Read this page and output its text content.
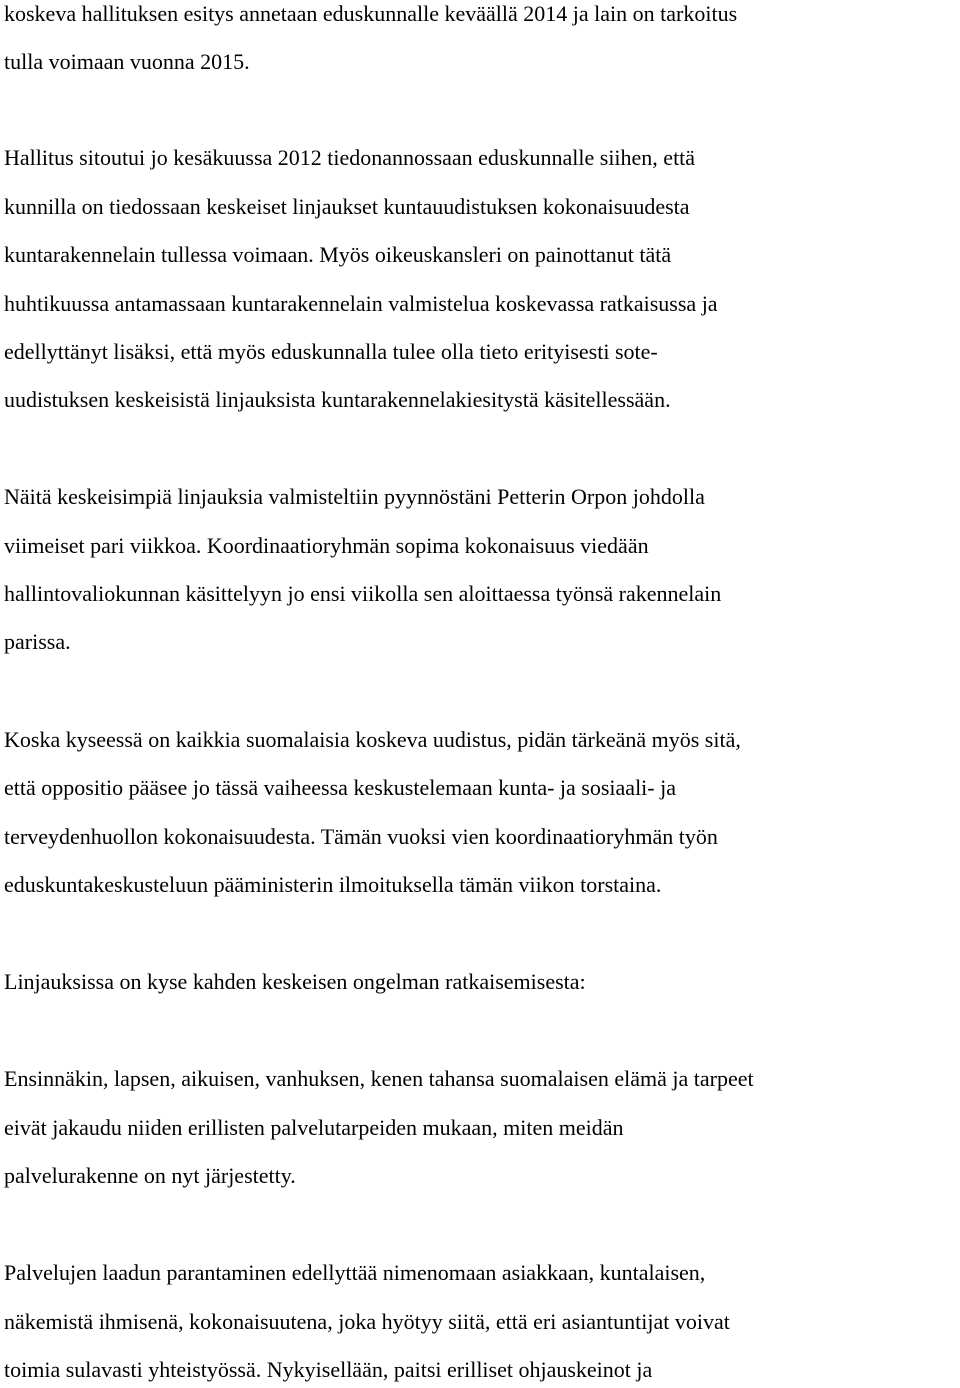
koskeva hallituksen esitys annetaan eduskunnalle keväällä 2014 ja lain on tarkoitus
tulla voimaan vuonna 2015.
Hallitus sitoutui jo kesäkuussa 2012 tiedonannossaan eduskunnalle siihen, että
kunnilla on tiedossaan keskeiset linjaukset kuntauudistuksen kokonaisuudesta
kuntarakennelain tullessa voimaan. Myös oikeuskansleri on painottanut tätä
huhtikuussa antamassaan kuntarakennelain valmistelua koskevassa ratkaisussa ja
edellyttänyt lisäksi, että myös eduskunnalla tulee olla tieto erityisesti sote-
uudistuksen keskeisistä linjauksista kuntarakennelakiesitystä käsitellessään.
Näitä keskeisimpiä linjauksia valmisteltiin pyynnöstäni Petterin Orpon johdolla
viimeiset pari viikkoa. Koordinaatioryhmän sopima kokonaisuus viedään
hallintovaliokunnan käsittelyyn jo ensi viikolla sen aloittaessa työnsä rakennelain
parissa.
Koska kyseessä on kaikkia suomalaisia koskeva uudistus, pidän tärkeänä myös sitä,
että oppositio pääsee jo tässä vaiheessa keskustelemaan kunta- ja sosiaali- ja
terveydenhuollon kokonaisuudesta. Tämän vuoksi vien koordinaatioryhmän työn
eduskuntakeskusteluun pääministerin ilmoituksella tämän viikon torstaina.
Linjauksissa on kyse kahden keskeisen ongelman ratkaisemisesta:
Ensinnäkin, lapsen, aikuisen, vanhuksen, kenen tahansa suomalaisen elämä ja tarpeet
eivät jakaudu niiden erillisten palvelutarpeiden mukaan, miten meidän
palvelurakenne on nyt järjestetty.
Palvelujen laadun parantaminen edellyttää nimenomaan asiakkaan, kuntalaisen,
näkemistä ihmisenä, kokonaisuutena, joka hyötyy siitä, että eri asiantuntijat voivat
toimia sulavasti yhteistyössä. Nykyisellään, paitsi erilliset ohjauskeinot ja
